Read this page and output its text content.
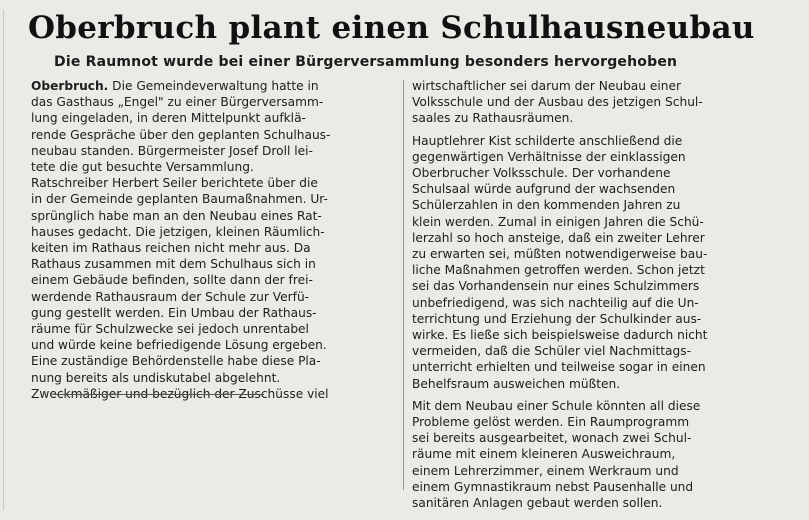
Oberbruch plant einen Schulhausneubau
Die Raumnot wurde bei einer Bürgerversammlung besonders hervorgehoben

Oberbruch. Die Gemeindeverwaltung hatte in
das Gasthaus „Engel" zu einer Bürgerversamm-
lung eingeladen, in deren Mittelpunkt aufklä-
rende Gespräche über den geplanten Schulhaus-
neubau standen. Bürgermeister Josef Droll lei-
tete die gut besuchte Versammlung.

Ratschreiber Herbert Seiler berichtete über die
in der Gemeinde geplanten Baumaßnahmen. Ur-
sprünglich habe man an den Neubau eines Rat-
hauses gedacht. Die jetzigen, kleinen Räumlich-
keiten im Rathaus reichen nicht mehr aus. Da
Rathaus zusammen mit dem Schulhaus sich in
einem Gebäude befinden, sollte dann der frei-
werdende Rathausraum der Schule zur Verfü-
gung gestellt werden. Ein Umbau der Rathaus-
räume für Schulzwecke sei jedoch unrentabel
und würde keine befriedigende Lösung ergeben.
Eine zuständige Behördenstelle habe diese Pla-
nung bereits als undiskutabel abgelehnt.
Zweckmäßiger und bezüglich der Zuschüsse viel

wirtschaftlicher sei darum der Neubau einer
Volksschule und der Ausbau des jetzigen Schul-
saales zu Rathausräumen.

Hauptlehrer Kist schilderte anschließend die
gegenwärtigen Verhältnisse der einklassigen
Oberbrucher Volksschule. Der vorhandene
Schulsaal würde aufgrund der wachsenden
Schülerzahlen in den kommenden Jahren zu
klein werden. Zumal in einigen Jahren die Schü-
lerzahl so hoch ansteige, daß ein zweiter Lehrer
zu erwarten sei, müßten notwendigerweise bau-
liche Maßnahmen getroffen werden. Schon jetzt
sei das Vorhandensein nur eines Schulzimmers
unbefriedigend, was sich nachteilig auf die Un-
terrichtung und Erziehung der Schulkinder aus-
wirke. Es ließe sich beispielsweise dadurch nicht
vermeiden, daß die Schüler viel Nachmittags-
unterricht erhielten und teilweise sogar in einen
Behelfsraum ausweichen müßten.

Mit dem Neubau einer Schule könnten all diese
Probleme gelöst werden. Ein Raumprogramm
sei bereits ausgearbeitet, wonach zwei Schul-
räume mit einem kleineren Ausweichraum,
einem Lehrerzimmer, einem Werkraum und
einem Gymnastikraum nebst Pausenhalle und
sanitären Anlagen gebaut werden sollen.
